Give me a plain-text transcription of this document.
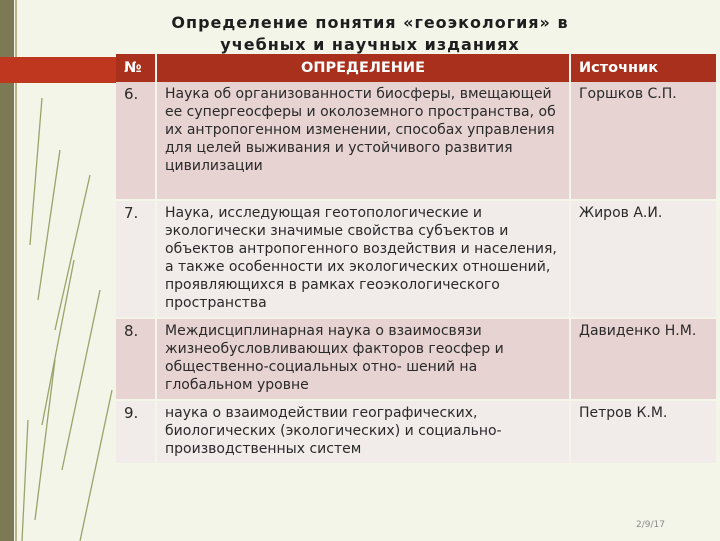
Определение понятия «геоэкология» в
учебных и научных изданиях
№	ОПРЕДЕЛЕНИЕ	Источник
6.	Наука об организованности биосферы, вмещающей ее супергеосферы и околоземного пространства, об их антропогенном изменении, способах управления для целей выживания и устойчивого развития цивилизации	Горшков С.П.
7.	Наука, исследующая геотопологические и экологически значимые свойства субъектов и объектов антропогенного воздействия и населения, а также особенности их экологических отношений, проявляющихся в рамках геоэкологического пространства	Жиров А.И.
8.	Междисциплинарная наука о взаимосвязи жизнеобусловливающих факторов геосфер и общественно-социальных отно- шений на глобальном уровне	Давиденко Н.М.
9.	наука о взаимодействии географических, биологических (экологических) и социально-производственных систем	Петров К.М.
2/9/17
